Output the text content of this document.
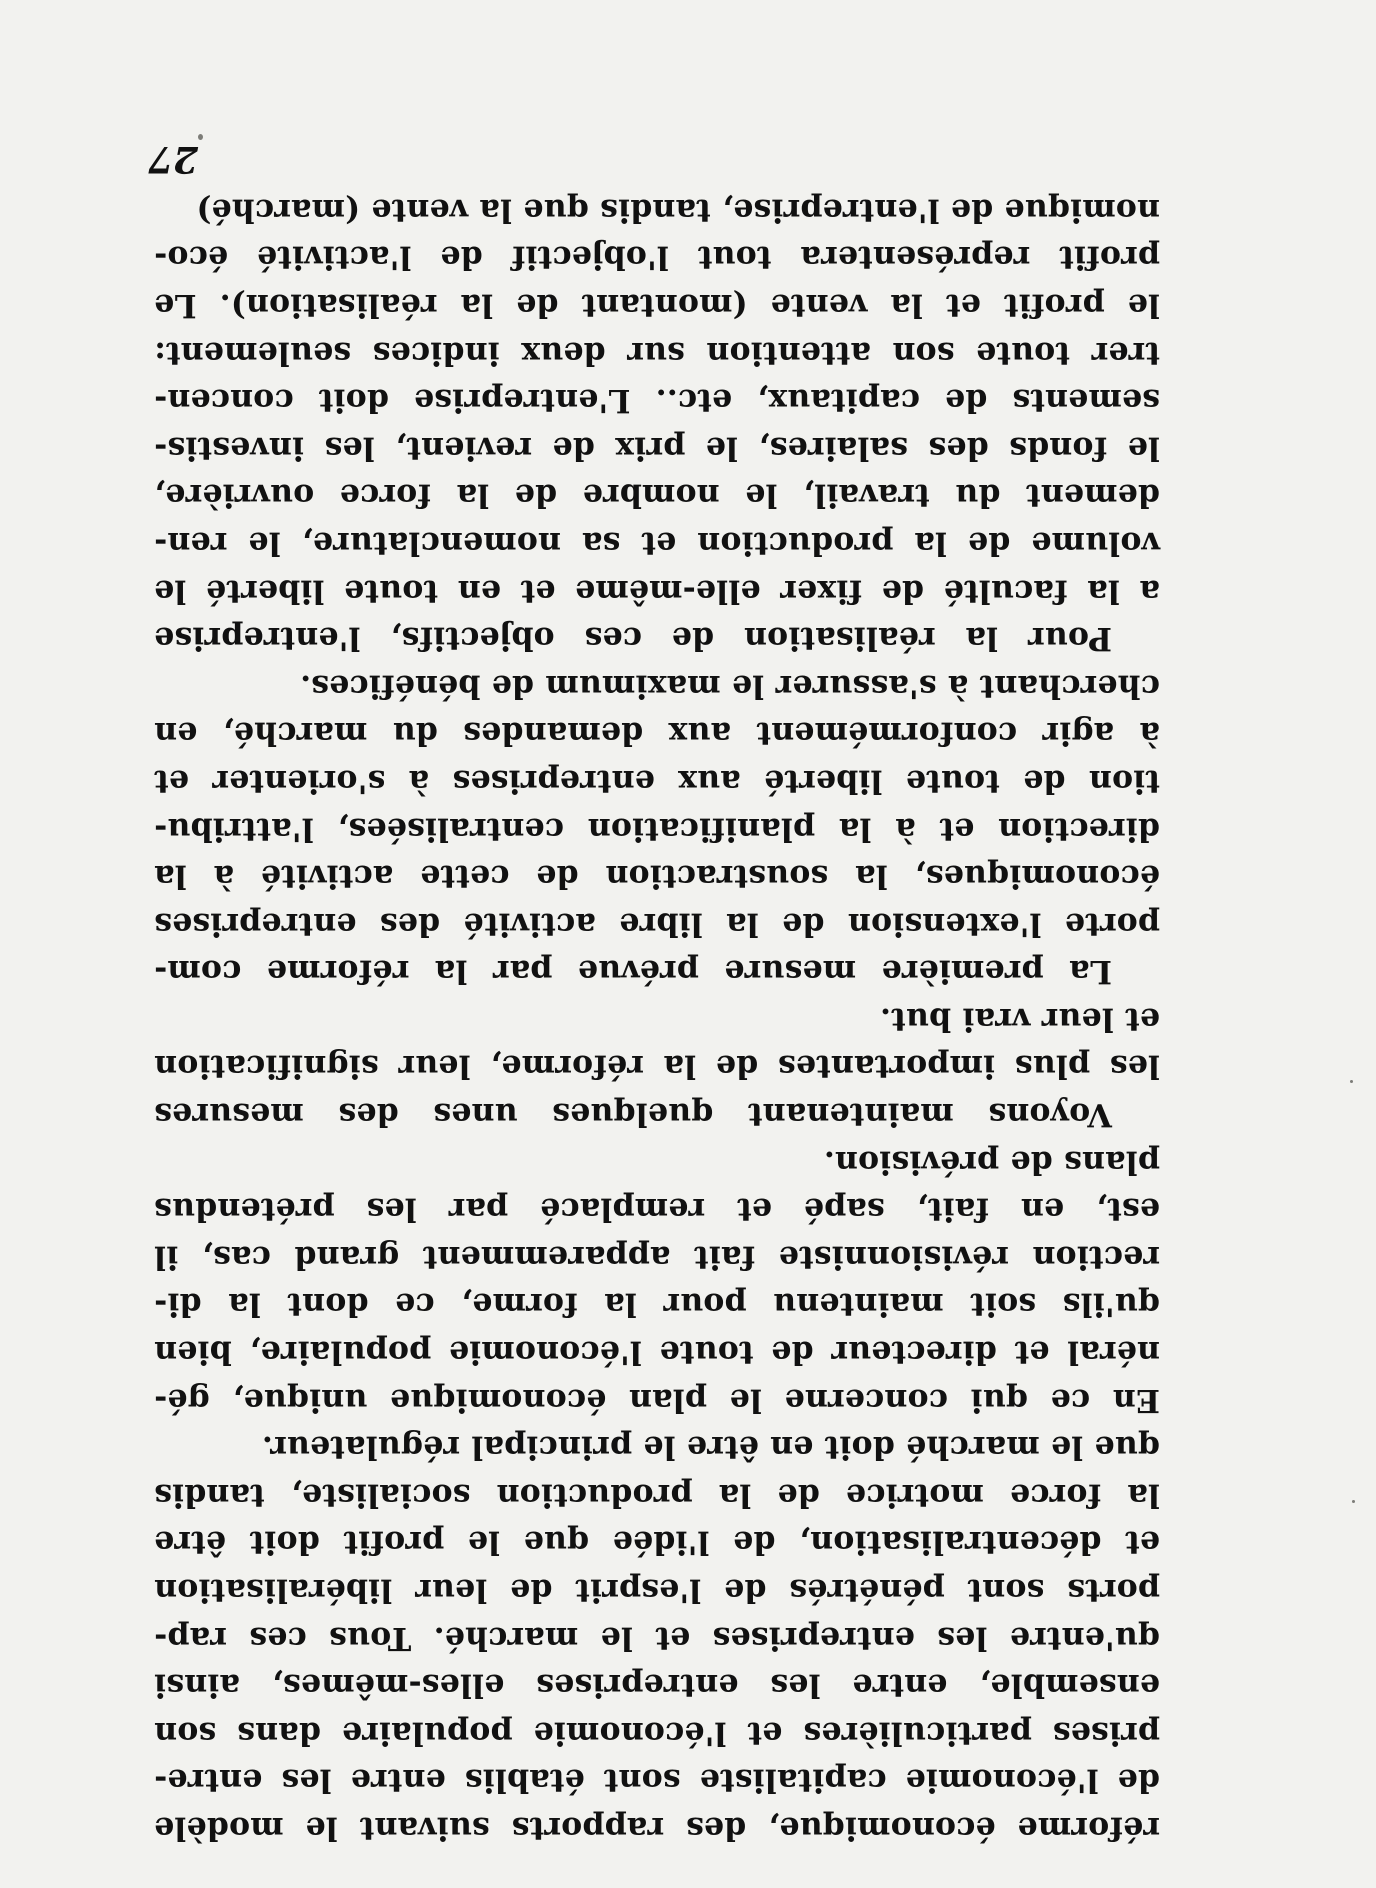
réforme économique, des rapports suivant le modèle
de l'économie capitaliste sont établis entre les entre-
prises particulières et l'économie populaire dans son
ensemble, entre les entreprises elles-mêmes, ainsi
qu'entre les entreprises et le marché. Tous ces rap-
ports sont pénétrés de l'esprit de leur libéralisation
et décentralisation, de l'idée que le profit doit être
la force motrice de la production socialiste, tandis
que le marché doit en être le principal régulateur.
En ce qui concerne le plan économique unique, gé-
néral et directeur de toute l'économie populaire, bien
qu'ils soit maintenu pour la forme, ce dont la di-
rection révisionniste fait apparemment grand cas, il
est, en fait, sapé et remplacé par les prétendus
plans de prévision.
Voyons maintenant quelques unes des mesures
les plus importantes de la réforme, leur signification
et leur vrai but.
La première mesure prévue par la réforme com-
porte l'extension de la libre activité des entreprises
économiques, la soustraction de cette activité à la
direction et à la planification centralisées, l'attribu-
tion de toute liberté aux entreprises à s'orienter et
à agir conformément aux demandes du marché, en
cherchant à s'assurer le maximum de bénéfices.
Pour la réalisation de ces objectifs, l'entreprise
a la faculté de fixer elle-même et en toute liberté le
volume de la production et sa nomenclature, le ren-
dement du travail, le nombre de la force ouvrière,
le fonds des salaires, le prix de revient, les investis-
sements de capitaux, etc.. L'entreprise doit concen-
trer toute son attention sur deux indices seulement:
le profit et la vente (montant de la réalisation). Le
profit représentera tout l'objectif de l'activité éco-
nomique de l'entreprise, tandis que la vente (marché)
27
